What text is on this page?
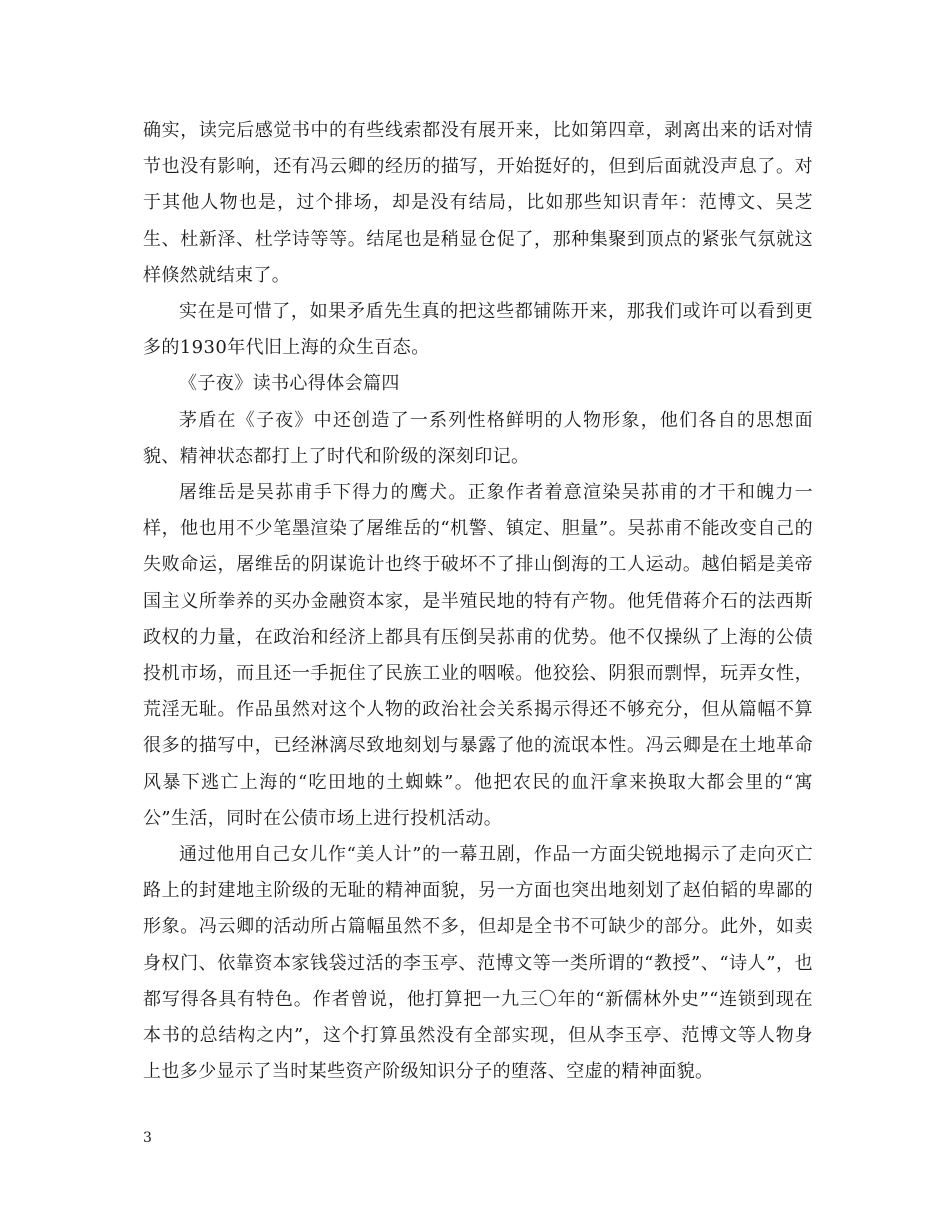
确实，读完后感觉书中的有些线索都没有展开来，比如第四章，剥离出来的话对情节也没有影响，还有冯云卿的经历的描写，开始挺好的，但到后面就没声息了。对于其他人物也是，过个排场，却是没有结局，比如那些知识青年：范博文、吴芝生、杜新泽、杜学诗等等。结尾也是稍显仓促了，那种集聚到顶点的紧张气氛就这样倏然就结束了。

实在是可惜了，如果矛盾先生真的把这些都铺陈开来，那我们或许可以看到更多的1930年代旧上海的众生百态。

《子夜》读书心得体会篇四

茅盾在《子夜》中还创造了一系列性格鲜明的人物形象，他们各自的思想面貌、精神状态都打上了时代和阶级的深刻印记。

屠维岳是吴荪甫手下得力的鹰犬。正象作者着意渲染吴荪甫的才干和魄力一样，他也用不少笔墨渲染了屠维岳的“机警、镇定、胆量”。吴荪甫不能改变自己的失败命运，屠维岳的阴谋诡计也终于破坏不了排山倒海的工人运动。越伯韬是美帝国主义所拳养的买办金融资本家，是半殖民地的特有产物。他凭借蒋介石的法西斯政权的力量，在政治和经济上都具有压倒吴荪甫的优势。他不仅操纵了上海的公债投机市场，而且还一手扼住了民族工业的咽喉。他狡狯、阴狠而剽悍，玩弄女性，荒淫无耻。作品虽然对这个人物的政治社会关系揭示得还不够充分，但从篇幅不算很多的描写中，已经淋漓尽致地刻划与暴露了他的流氓本性。冯云卿是在土地革命风暴下逃亡上海的“吃田地的土蜘蛛”。他把农民的血汗拿来换取大都会里的“寓公”生活，同时在公债市场上进行投机活动。

通过他用自己女儿作“美人计”的一幕丑剧，作品一方面尖锐地揭示了走向灭亡路上的封建地主阶级的无耻的精神面貌，另一方面也突出地刻划了赵伯韬的卑鄙的形象。冯云卿的活动所占篇幅虽然不多，但却是全书不可缺少的部分。此外，如卖身权门、依靠资本家钱袋过活的李玉亭、范博文等一类所谓的“教授”、“诗人”，也都写得各具有特色。作者曾说，他打算把一九三〇年的“新儒林外史”“连锁到现在本书的总结构之内”，这个打算虽然没有全部实现，但从李玉亭、范博文等人物身上也多少显示了当时某些资产阶级知识分子的堕落、空虚的精神面貌。

3
